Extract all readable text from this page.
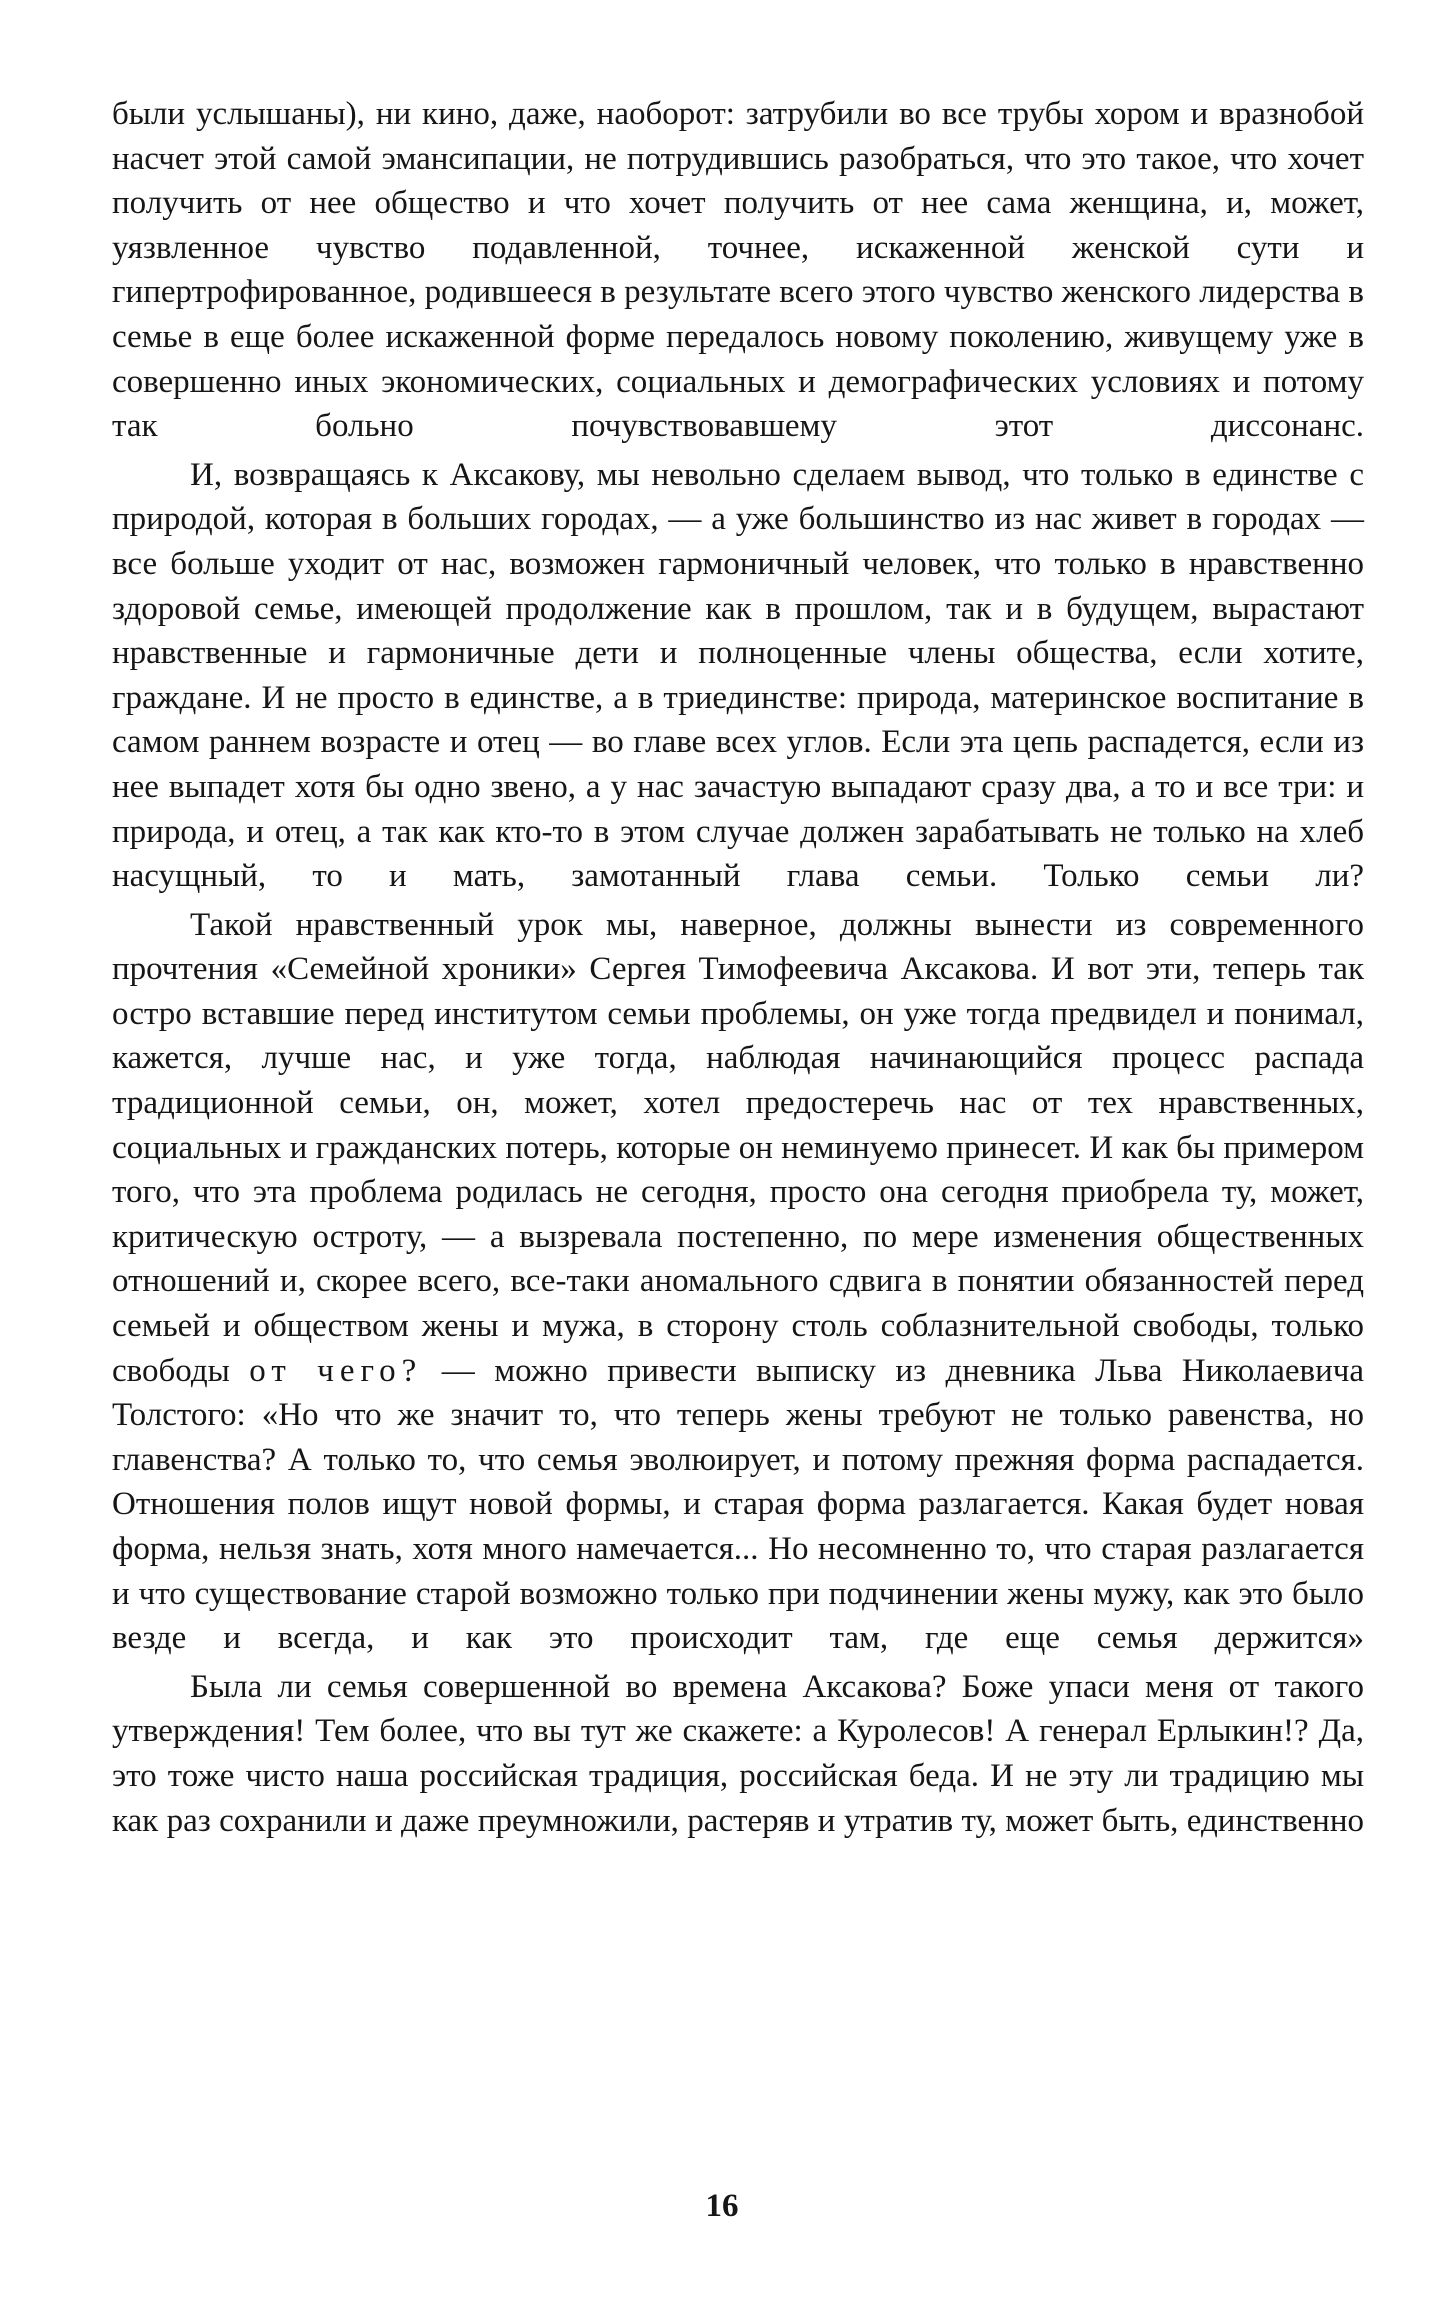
были услышаны), ни кино, даже, наоборот: затрубили во все трубы хором и вразнобой насчет этой самой эмансипации, не потрудившись разобраться, что это такое, что хочет получить от нее общество и что хочет получить от нее сама женщина, и, может, уязвленное чувство подавленной, точнее, искаженной женской сути и гипертрофированное, родившееся в результате всего этого чувство женского лидерства в семье в еще более искаженной форме передалось новому поколению, живущему уже в совершенно иных экономических, социальных и демографических условиях и потому так больно почувствовавшему этот диссонанс.

И, возвращаясь к Аксакову, мы невольно сделаем вывод, что только в единстве с природой, которая в больших городах, — а уже большинство из нас живет в городах — все больше уходит от нас, возможен гармоничный человек, что только в нравственно здоровой семье, имеющей продолжение как в прошлом, так и в будущем, вырастают нравственные и гармоничные дети и полноценные члены общества, если хотите, граждане. И не просто в единстве, а в триединстве: природа, материнское воспитание в самом раннем возрасте и отец — во главе всех углов. Если эта цепь распадется, если из нее выпадет хотя бы одно звено, а у нас зачастую выпадают сразу два, а то и все три: и природа, и отец, а так как кто-то в этом случае должен зарабатывать не только на хлеб насущный, то и мать, замотанный глава семьи. Только семьи ли?

Такой нравственный урок мы, наверное, должны вынести из современного прочтения «Семейной хроники» Сергея Тимофеевича Аксакова. И вот эти, теперь так остро вставшие перед институтом семьи проблемы, он уже тогда предвидел и понимал, кажется, лучше нас, и уже тогда, наблюдая начинающийся процесс распада традиционной семьи, он, может, хотел предостеречь нас от тех нравственных, социальных и гражданских потерь, которые он неминуемо принесет. И как бы примером того, что эта проблема родилась не сегодня, просто она сегодня приобрела ту, может, критическую остроту, — а вызревала постепенно, по мере изменения общественных отношений и, скорее всего, все-таки аномального сдвига в понятии обязанностей перед семьей и обществом жены и мужа, в сторону столь соблазнительной свободы, только свободы от чего? — можно привести выписку из дневника Льва Николаевича Толстого: «Но что же значит то, что теперь жены требуют не только равенства, но главенства? А только то, что семья эволюирует, и потому прежняя форма распадается. Отношения полов ищут новой формы, и старая форма разлагается. Какая будет новая форма, нельзя знать, хотя много намечается... Но несомненно то, что старая разлагается и что существование старой возможно только при подчинении жены мужу, как это было везде и всегда, и как это происходит там, где еще семья держится»

Была ли семья совершенной во времена Аксакова? Боже упаси меня от такого утверждения! Тем более, что вы тут же скажете: а Куролесов! А генерал Ерлыкин!? Да, это тоже чисто наша российская традиция, российская беда. И не эту ли традицию мы как раз сохранили и даже преумножили, растеряв и утратив ту, может быть, единственно

16
